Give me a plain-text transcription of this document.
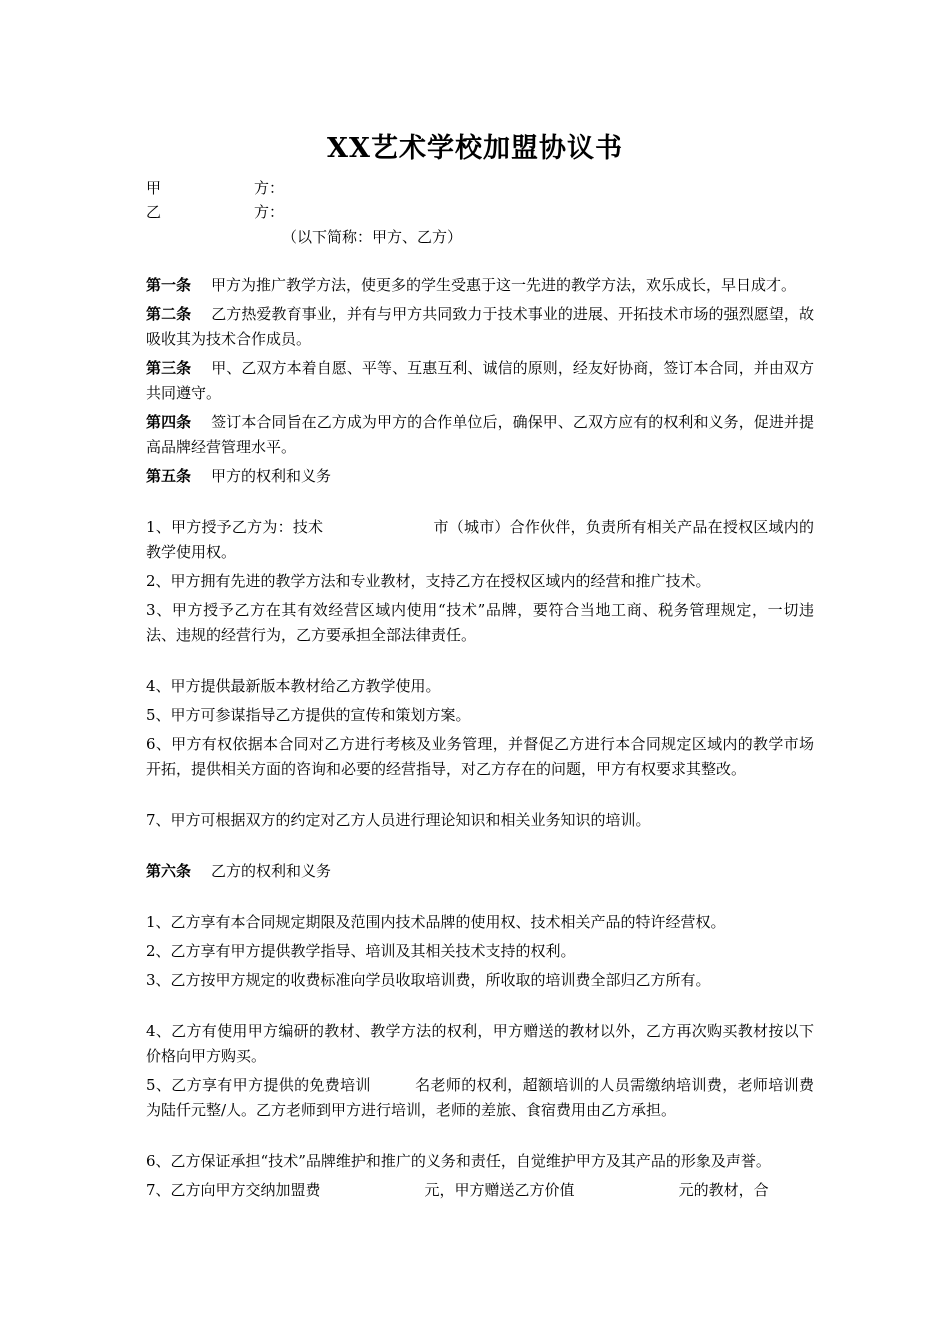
XX艺术学校加盟协议书
甲	方：
乙	方：
（以下简称：甲方、乙方）

第一条 甲方为推广教学方法，使更多的学生受惠于这一先进的教学方法，欢乐成长，早日成才。

第二条 乙方热爱教育事业，并有与甲方共同致力于技术事业的进展、开拓技术市场的强烈愿望，故吸收其为技术合作成员。

第三条 甲、乙双方本着自愿、平等、互惠互利、诚信的原则，经友好协商，签订本合同，并由双方共同遵守。

第四条 签订本合同旨在乙方成为甲方的合作单位后，确保甲、乙双方应有的权利和义务，促进并提高品牌经营管理水平。

第五条 甲方的权利和义务

1、甲方授予乙方为：技术	市（城市）合作伙伴，负责所有相关产品在授权区域内的教学使用权。

2、甲方拥有先进的教学方法和专业教材，支持乙方在授权区域内的经营和推广技术。

3、甲方授予乙方在其有效经营区域内使用“技术”品牌，要符合当地工商、税务管理规定，一切违法、违规的经营行为，乙方要承担全部法律责任。

4、甲方提供最新版本教材给乙方教学使用。

5、甲方可参谋指导乙方提供的宣传和策划方案。

6、甲方有权依据本合同对乙方进行考核及业务管理，并督促乙方进行本合同规定区域内的教学市场开拓，提供相关方面的咨询和必要的经营指导，对乙方存在的问题，甲方有权要求其整改。

7、甲方可根据双方的约定对乙方人员进行理论知识和相关业务知识的培训。

第六条 乙方的权利和义务

1、乙方享有本合同规定期限及范围内技术品牌的使用权、技术相关产品的特许经营权。

2、乙方享有甲方提供教学指导、培训及其相关技术支持的权利。

3、乙方按甲方规定的收费标准向学员收取培训费，所收取的培训费全部归乙方所有。

4、乙方有使用甲方编研的教材、教学方法的权利，甲方赠送的教材以外，乙方再次购买教材按以下价格向甲方购买。

5、乙方享有甲方提供的免费培训	名老师的权利，超额培训的人员需缴纳培训费，老师培训费为陆仟元整/人。乙方老师到甲方进行培训，老师的差旅、食宿费用由乙方承担。

6、乙方保证承担“技术”品牌维护和推广的义务和责任，自觉维护甲方及其产品的形象及声誉。

7、乙方向甲方交纳加盟费	元，甲方赠送乙方价值	元的教材，合
